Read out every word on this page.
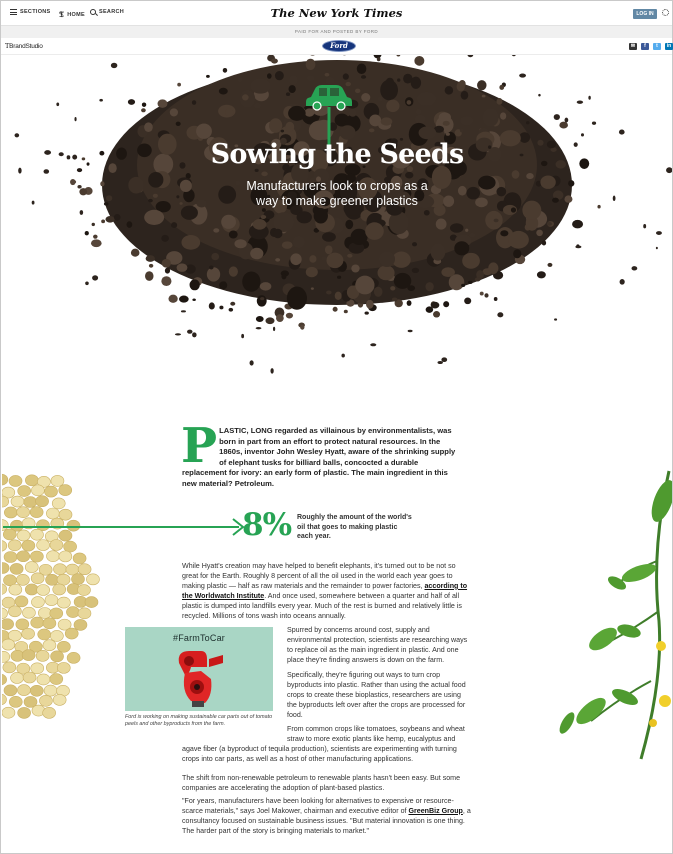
SECTIONS 𝕿 HOME	SEARCH	The New York Times	LOG IN
PAID FOR AND POSTED BY FORD
TBrandStudio	Ford	✉	f	t	in
Sowing the Seeds
Manufacturers look to crops as a way to make greener plastics
PLASTIC, LONG regarded as villainous by environmentalists, was born in part from an effort to protect natural resources. In the 1860s, inventor John Wesley Hyatt, aware of the shrinking supply of elephant tusks for billiard balls, concocted a durable replacement for ivory: an early form of plastic. The main ingredient in this new material? Petroleum.
8% Roughly the amount of the world's oil that goes to making plastic each year.
While Hyatt's creation may have helped to benefit elephants, it's turned out to be not so great for the Earth. Roughly 8 percent of all the oil used in the world each year goes to making plastic — half as raw materials and the remainder to power factories, according to the Worldwatch Institute. And once used, somewhere between a quarter and half of all plastic is dumped into landfills every year. Much of the rest is burned and relatively little is recycled. Millions of tons wash into oceans annually.
#FarmToCar
Ford is working on making sustainable car parts out of tomato peels and other byproducts from the farm.
Spurred by concerns around cost, supply and environmental protection, scientists are researching ways to replace oil as the main ingredient in plastic. And one place they're finding answers is down on the farm.
Specifically, they're figuring out ways to turn crop byproducts into plastic. Rather than using the actual food crops to create these bioplastics, researchers are using the byproducts left over after the crops are processed for food.
From common crops like tomatoes, soybeans and wheat straw to more exotic plants like hemp, eucalyptus and
agave fiber (a byproduct of tequila production), scientists are experimenting with turning crops into car parts, as well as a host of other manufacturing applications.
The shift from non-renewable petroleum to renewable plants hasn't been easy. But some companies are accelerating the adoption of plant-based plastics.
"For years, manufacturers have been looking for alternatives to expensive or resource-scarce materials," says Joel Makower, chairman and executive editor of GreenBiz Group, a consultancy focused on sustainable business issues. "But material innovation is one thing. The harder part of the story is bringing materials to market."
